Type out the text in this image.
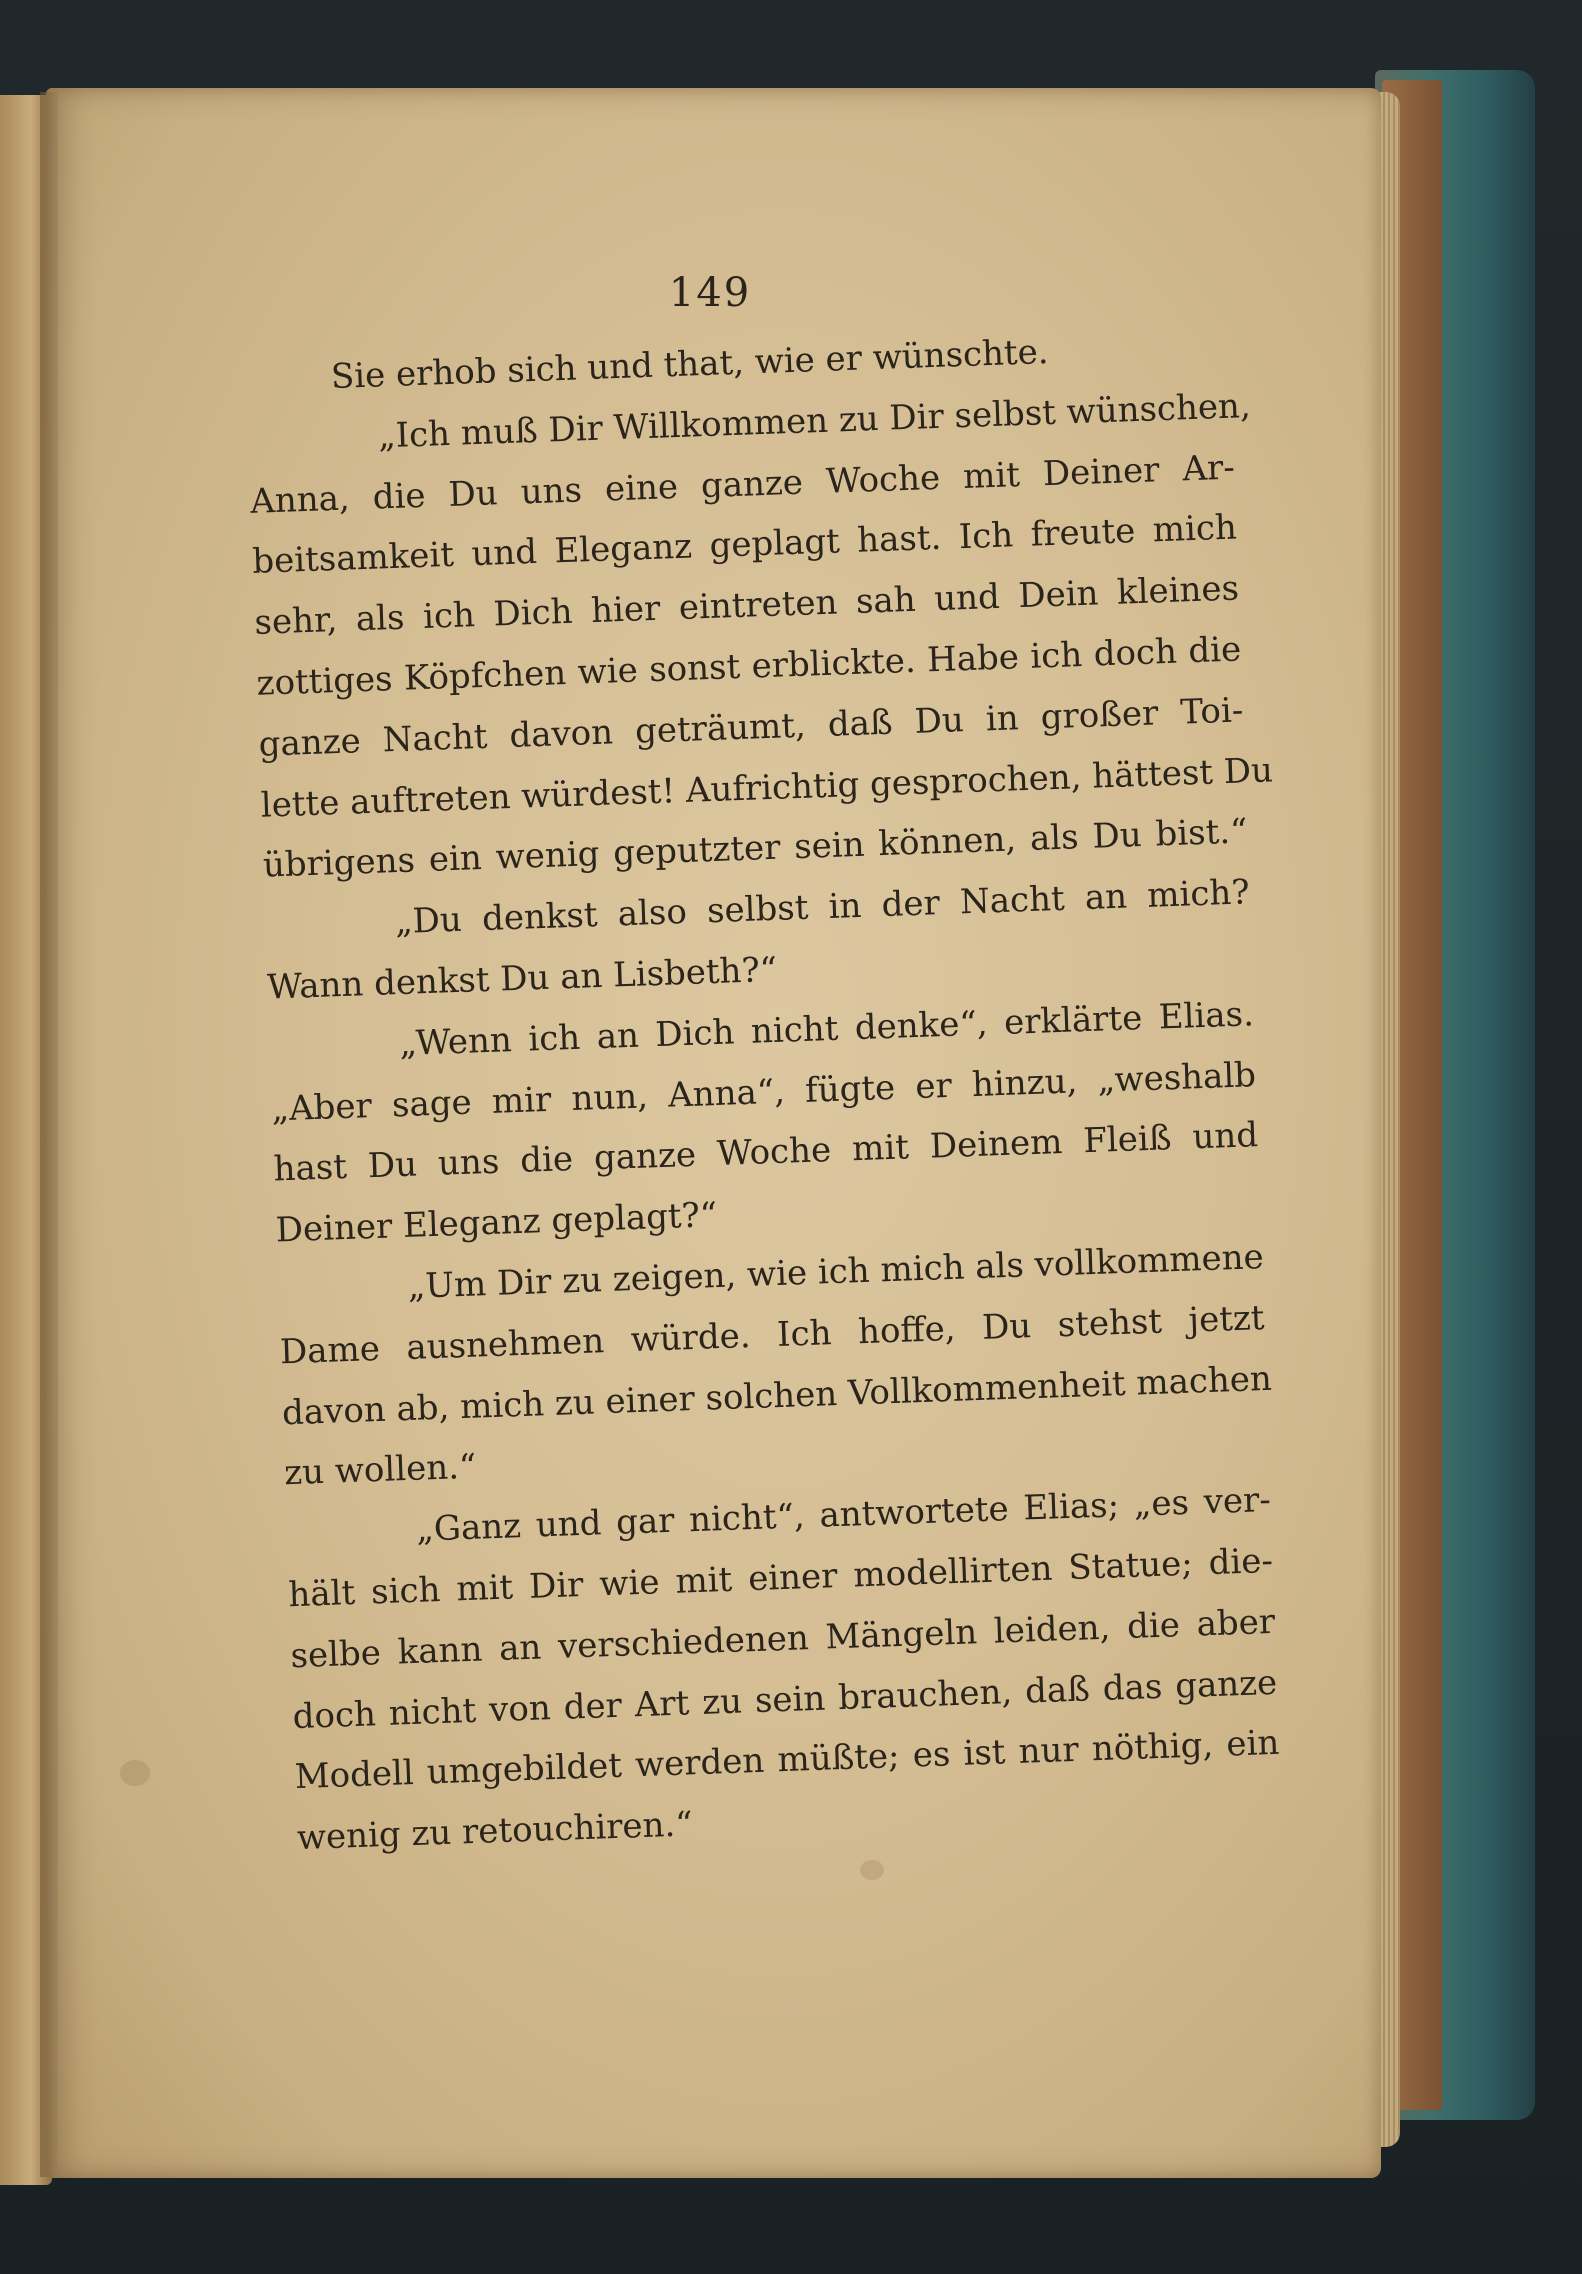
149
Sie erhob sich und that, wie er wünschte.
„Ich muß Dir Willkommen zu Dir selbst wünschen,
Anna, die Du uns eine ganze Woche mit Deiner Ar-
beitsamkeit und Eleganz geplagt hast. Ich freute mich
sehr, als ich Dich hier eintreten sah und Dein kleines
zottiges Köpfchen wie sonst erblickte. Habe ich doch die
ganze Nacht davon geträumt, daß Du in großer Toi-
lette auftreten würdest! Aufrichtig gesprochen, hättest Du
übrigens ein wenig geputzter sein können, als Du bist.“
„Du denkst also selbst in der Nacht an mich?
Wann denkst Du an Lisbeth?“
„Wenn ich an Dich nicht denke“, erklärte Elias.
„Aber sage mir nun, Anna“, fügte er hinzu, „weshalb
hast Du uns die ganze Woche mit Deinem Fleiß und
Deiner Eleganz geplagt?“
„Um Dir zu zeigen, wie ich mich als vollkommene
Dame ausnehmen würde. Ich hoffe, Du stehst jetzt
davon ab, mich zu einer solchen Vollkommenheit machen
zu wollen.“
„Ganz und gar nicht“, antwortete Elias; „es ver-
hält sich mit Dir wie mit einer modellirten Statue; die-
selbe kann an verschiedenen Mängeln leiden, die aber
doch nicht von der Art zu sein brauchen, daß das ganze
Modell umgebildet werden müßte; es ist nur nöthig, ein
wenig zu retouchiren.“
